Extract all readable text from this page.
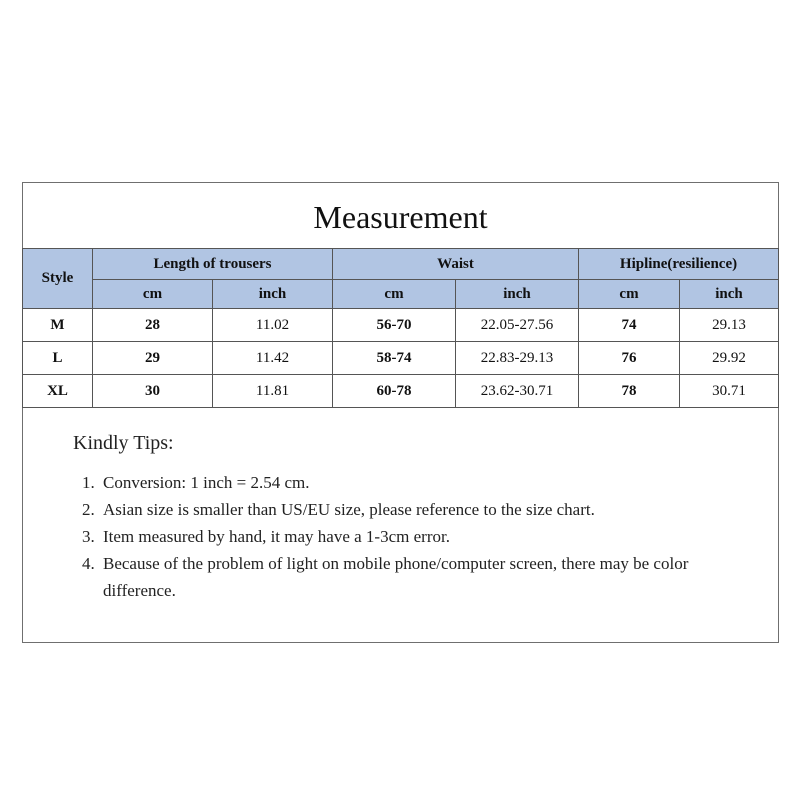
Measurement
Style	Length of trousers		Waist		Hipline(resilience)	
	cm	inch	cm	inch	cm	inch
M	28	11.02	56-70	22.05-27.56	74	29.13
L	29	11.42	58-74	22.83-29.13	76	29.92
XL	30	11.81	60-78	23.62-30.71	78	30.71
Kindly Tips:
1. Conversion: 1 inch = 2.54 cm.
2. Asian size is smaller than US/EU size, please reference to the size chart.
3. Item measured by hand, it may have a 1-3cm error.
4. Because of the problem of light on mobile phone/computer screen, there may be color difference.
